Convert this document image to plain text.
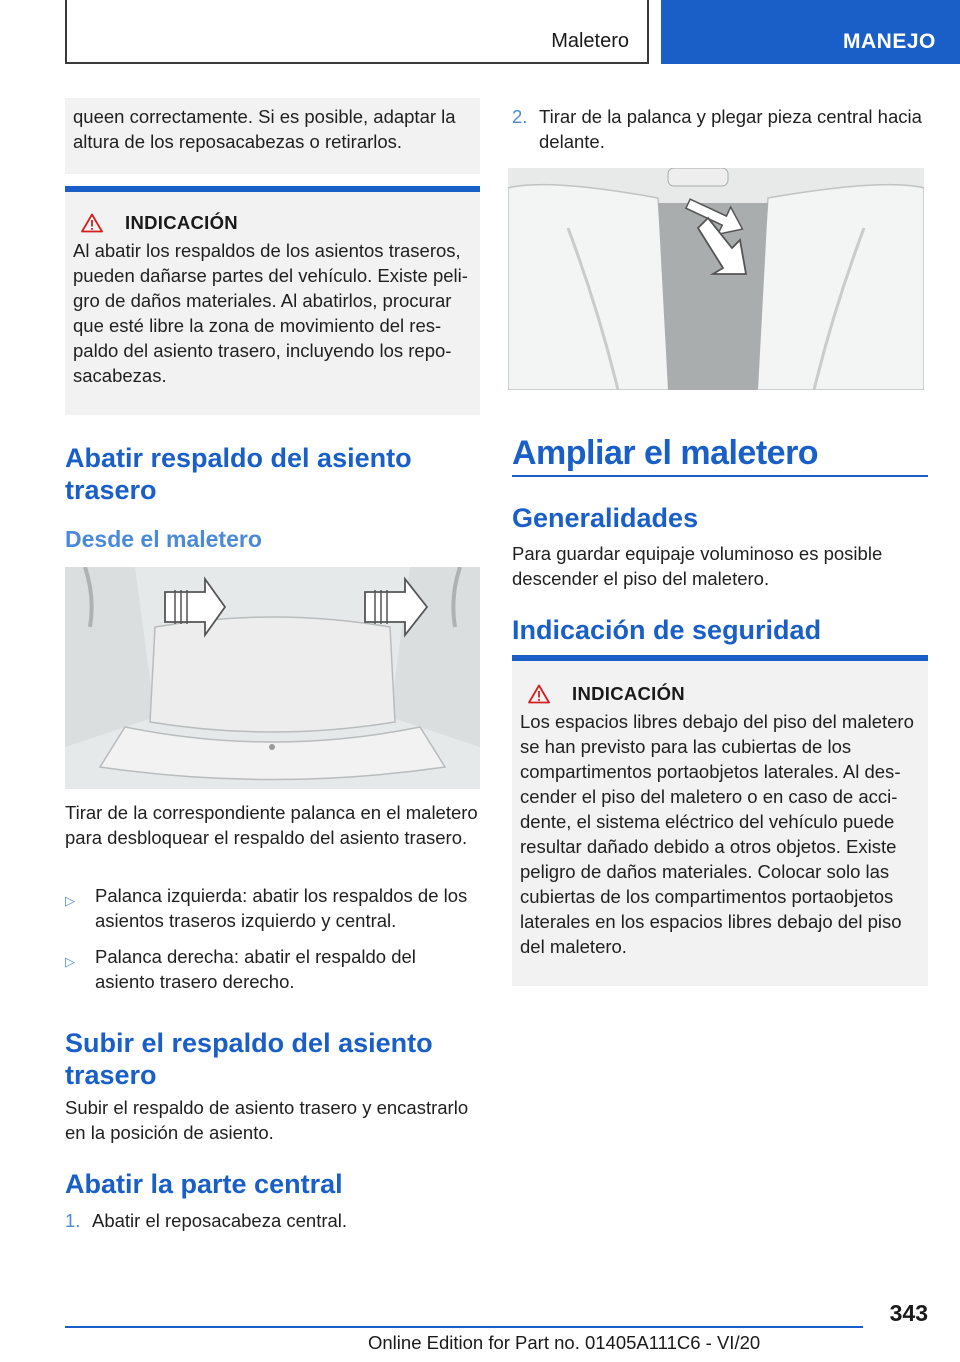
Maletero	MANEJO
queen correctamente. Si es posible, adaptar la altura de los reposacabezas o retirarlos.
INDICACIÓN
Al abatir los respaldos de los asientos traseros, pueden dañarse partes del vehículo. Existe peligro de daños materiales. Al abatirlos, procurar que esté libre la zona de movimiento del respaldo del asiento trasero, incluyendo los reposacabezas.
Abatir respaldo del asiento trasero
Desde el maletero
Tirar de la correspondiente palanca en el maletero para desbloquear el respaldo del asiento trasero.
▷	Palanca izquierda: abatir los respaldos de los asientos traseros izquierdo y central.
▷	Palanca derecha: abatir el respaldo del asiento trasero derecho.
Subir el respaldo del asiento trasero
Subir el respaldo de asiento trasero y encastrarlo en la posición de asiento.
Abatir la parte central
1. Abatir el reposacabeza central.
2. Tirar de la palanca y plegar pieza central hacia delante.
Ampliar el maletero
Generalidades
Para guardar equipaje voluminoso es posible descender el piso del maletero.
Indicación de seguridad
INDICACIÓN
Los espacios libres debajo del piso del maletero se han previsto para las cubiertas de los compartimentos portaobjetos laterales. Al descender el piso del maletero o en caso de accidente, el sistema eléctrico del vehículo puede resultar dañado debido a otros objetos. Existe peligro de daños materiales. Colocar solo las cubiertas de los compartimentos portaobjetos laterales en los espacios libres debajo del piso del maletero.
343
Online Edition for Part no. 01405A111C6 - VI/20
